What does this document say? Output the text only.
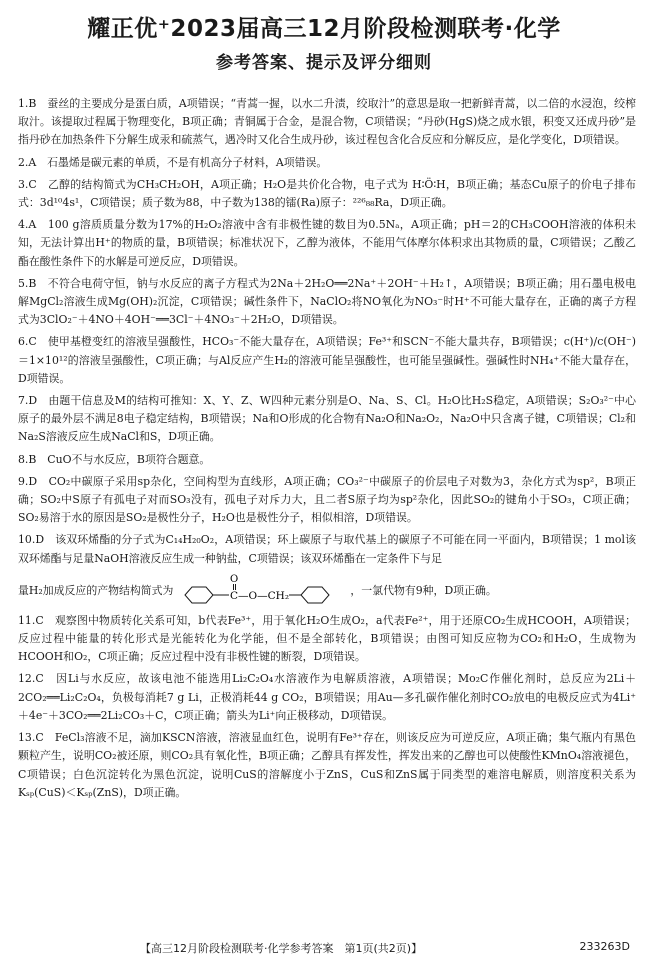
耀正优⁺2023届高三12月阶段检测联考·化学
参考答案、提示及评分细则

1.B　蚕丝的主要成分是蛋白质，A项错误；“青蒿一握，以水二升渍，绞取汁”的意思是取一把新鲜青蒿，以二倍的水浸泡，绞榨取汁。该提取过程属于物理变化，B项正确；青铜属于合金，是混合物，C项错误；“丹砂(HgS)烧之成水银，积变又还成丹砂”是指丹砂在加热条件下分解生成汞和硫蒸气，遇冷时又化合生成丹砂，该过程包含化合反应和分解反应，是化学变化，D项错误。

2.A　石墨烯是碳元素的单质，不是有机高分子材料，A项错误。

3.C　乙醇的结构简式为CH₃CH₂OH，A项正确；H₂O是共价化合物，电子式为 H∶Ö∶H，B项正确；基态Cu原子的价电子排布式：3d¹⁰4s¹，C项错误；质子数为88，中子数为138的镭(Ra)原子：²²⁶₈₈Ra，D项正确。

4.A　100 g溶质质量分数为17%的H₂O₂溶液中含有非极性键的数目为0.5Nₐ，A项正确；pH＝2的CH₃COOH溶液的体积未知，无法计算出H⁺的物质的量，B项错误；标准状况下，乙醇为液体，不能用气体摩尔体积求出其物质的量，C项错误；乙酸乙酯在酸性条件下的水解是可逆反应，D项错误。

5.B　不符合电荷守恒，钠与水反应的离子方程式为2Na＋2H₂O══2Na⁺＋2OH⁻＋H₂↑，A项错误；B项正确；用石墨电极电解MgCl₂溶液生成Mg(OH)₂沉淀，C项错误；碱性条件下，NaClO₂将NO氧化为NO₃⁻时H⁺不可能大量存在，正确的离子方程式为3ClO₂⁻＋4NO＋4OH⁻══3Cl⁻＋4NO₃⁻＋2H₂O，D项错误。

6.C　使甲基橙变红的溶液呈强酸性，HCO₃⁻不能大量存在，A项错误；Fe³⁺和SCN⁻不能大量共存，B项错误；c(H⁺)/c(OH⁻)＝1×10¹²的溶液呈强酸性，C项正确；与Al反应产生H₂的溶液可能呈强酸性，也可能呈强碱性。强碱性时NH₄⁺不能大量存在，D项错误。

7.D　由题干信息及M的结构可推知：X、Y、Z、W四种元素分别是O、Na、S、Cl。H₂O比H₂S稳定，A项错误；S₂O₃²⁻中心原子的最外层不满足8电子稳定结构，B项错误；Na和O形成的化合物有Na₂O和Na₂O₂，Na₂O中只含离子键，C项错误；Cl₂和Na₂S溶液反应生成NaCl和S，D项正确。

8.B　CuO不与水反应，B项符合题意。

9.D　CO₂中碳原子采用sp杂化，空间构型为直线形，A项正确；CO₃²⁻中碳原子的价层电子对数为3，杂化方式为sp²，B项正确；SO₂中S原子有孤电子对而SO₃没有，孤电子对斥力大，且二者S原子均为sp²杂化，因此SO₂的键角小于SO₃，C项正确；SO₂易溶于水的原因是SO₂是极性分子，H₂O也是极性分子，相似相溶，D项错误。

10.D　该双环烯酯的分子式为C₁₄H₂₀O₂，A项错误；环上碳原子与取代基上的碳原子不可能在同一平面内，B项错误；1 mol该双环烯酯与足量NaOH溶液反应生成一种钠盐，C项错误；该双环烯酯在一定条件下与足

量H₂加成反应的产物结构简式为
O
C—O—CH₂	，一氯代物有9种，D项正确。

11.C　观察图中物质转化关系可知，b代表Fe³⁺，用于氧化H₂O生成O₂，a代表Fe²⁺，用于还原CO₂生成HCOOH，A项错误；反应过程中能量的转化形式是光能转化为化学能，但不是全部转化，B项错误；由图可知反应物为CO₂和H₂O，生成物为HCOOH和O₂，C项正确；反应过程中没有非极性键的断裂，D项错误。

12.C　因Li与水反应，故该电池不能选用Li₂C₂O₄水溶液作为电解质溶液，A项错误；Mo₂C作催化剂时，总反应为2Li＋2CO₂══Li₂C₂O₄，负极每消耗7 g Li，正极消耗44 g CO₂，B项错误；用Au—多孔碳作催化剂时CO₂放电的电极反应式为4Li⁺＋4e⁻＋3CO₂══2Li₂CO₃＋C，C项正确；箭头为Li⁺向正极移动，D项错误。

13.C　FeCl₃溶液不足，滴加KSCN溶液，溶液显血红色，说明有Fe³⁺存在，则该反应为可逆反应，A项正确；集气瓶内有黑色颗粒产生，说明CO₂被还原，则CO₂具有氧化性，B项正确；乙醇具有挥发性，挥发出来的乙醇也可以使酸性KMnO₄溶液褪色，C项错误；白色沉淀转化为黑色沉淀，说明CuS的溶解度小于ZnS，CuS和ZnS属于同类型的难溶电解质，则溶度积关系为Kₛₚ(CuS)＜Kₛₚ(ZnS)，D项正确。

【高三12月阶段检测联考·化学参考答案　第1页(共2页)】	233263D
